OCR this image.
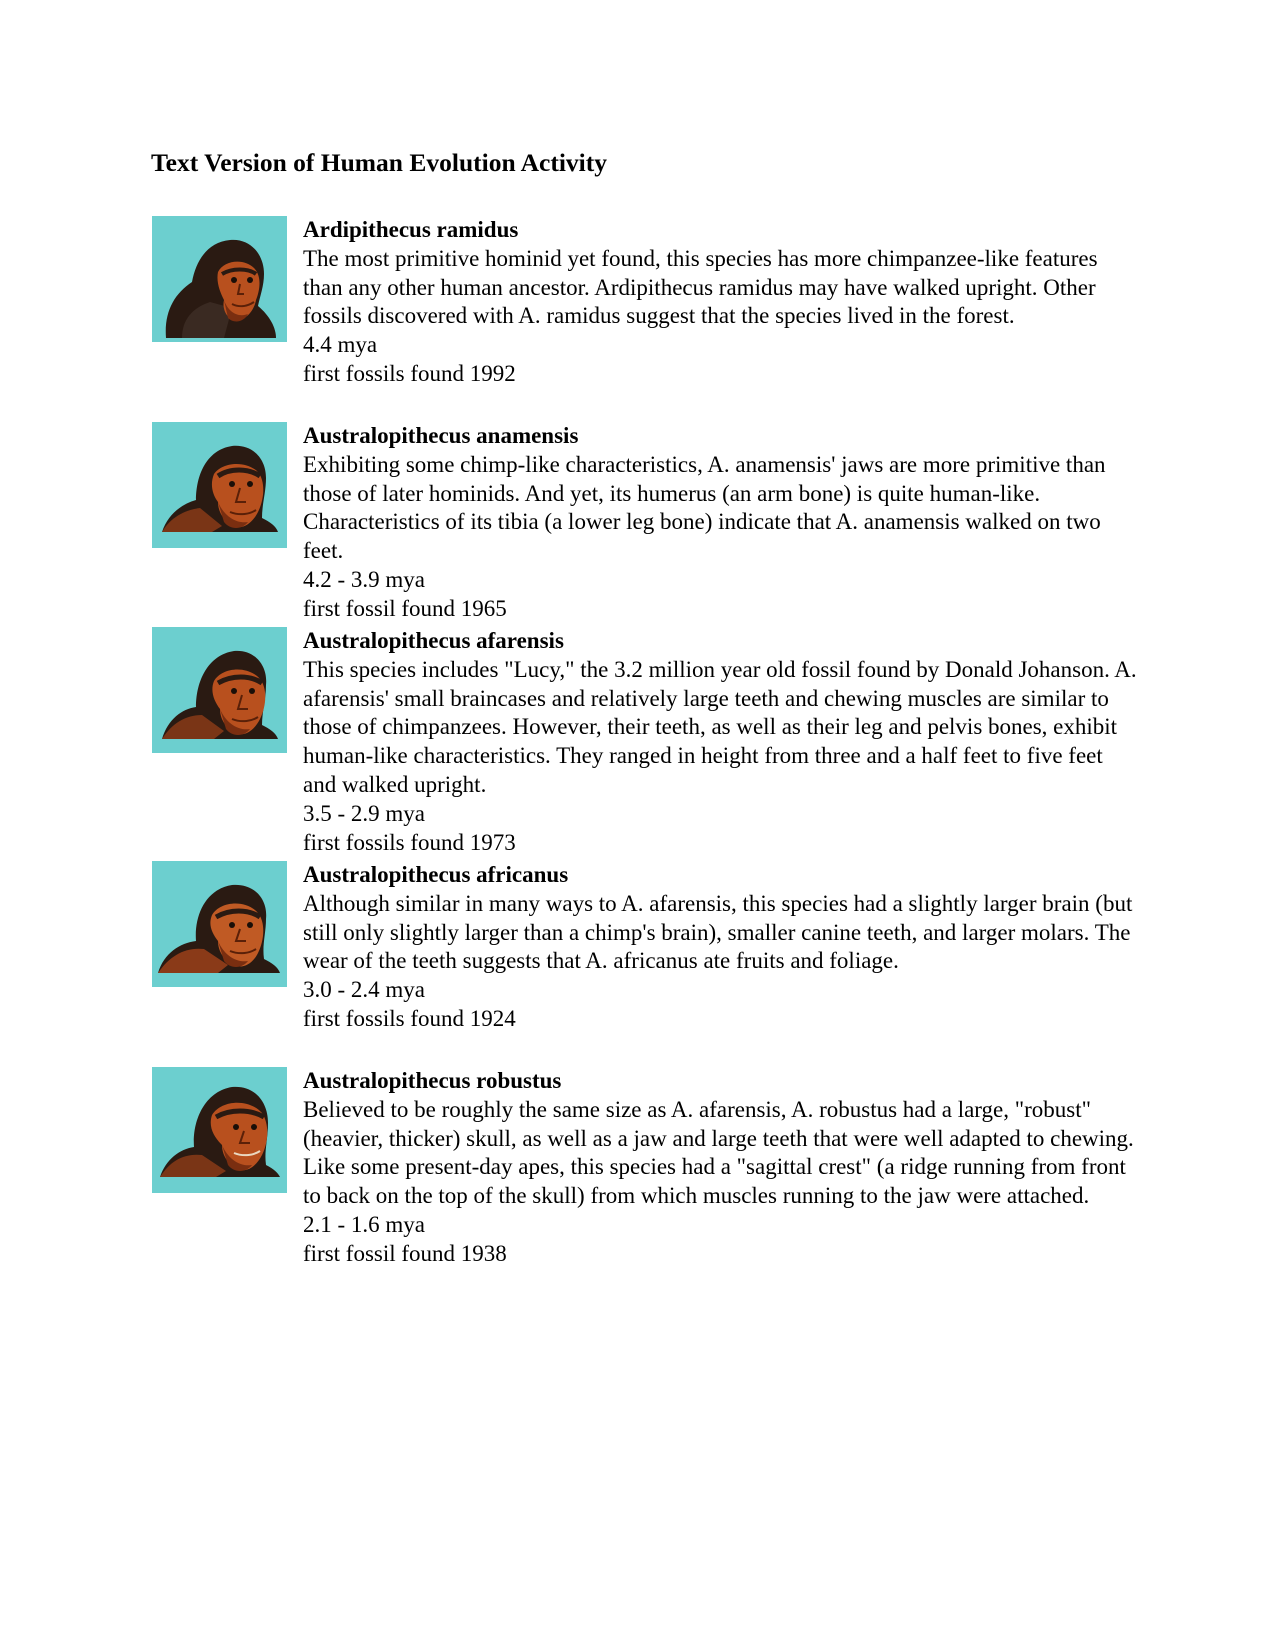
Text Version of Human Evolution Activity
Ardipithecus ramidus
The most primitive hominid yet found, this species has more chimpanzee-like features than any other human ancestor. Ardipithecus ramidus may have walked upright. Other fossils discovered with A. ramidus suggest that the species lived in the forest.
4.4 mya
first fossils found 1992
Australopithecus anamensis
Exhibiting some chimp-like characteristics, A. anamensis' jaws are more primitive than those of later hominids. And yet, its humerus (an arm bone) is quite human-like. Characteristics of its tibia (a lower leg bone) indicate that A. anamensis walked on two feet.
4.2 - 3.9 mya
first fossil found 1965
Australopithecus afarensis
This species includes "Lucy," the 3.2 million year old fossil found by Donald Johanson. A. afarensis' small braincases and relatively large teeth and chewing muscles are similar to those of chimpanzees. However, their teeth, as well as their leg and pelvis bones, exhibit human-like characteristics. They ranged in height from three and a half feet to five feet and walked upright.
3.5 - 2.9 mya
first fossils found 1973
Australopithecus africanus
Although similar in many ways to A. afarensis, this species had a slightly larger brain (but still only slightly larger than a chimp's brain), smaller canine teeth, and larger molars. The wear of the teeth suggests that A. africanus ate fruits and foliage.
3.0 - 2.4 mya
first fossils found 1924
Australopithecus robustus
Believed to be roughly the same size as A. afarensis, A. robustus had a large, "robust" (heavier, thicker) skull, as well as a jaw and large teeth that were well adapted to chewing. Like some present-day apes, this species had a "sagittal crest" (a ridge running from front to back on the top of the skull) from which muscles running to the jaw were attached.
2.1 - 1.6 mya
first fossil found 1938
